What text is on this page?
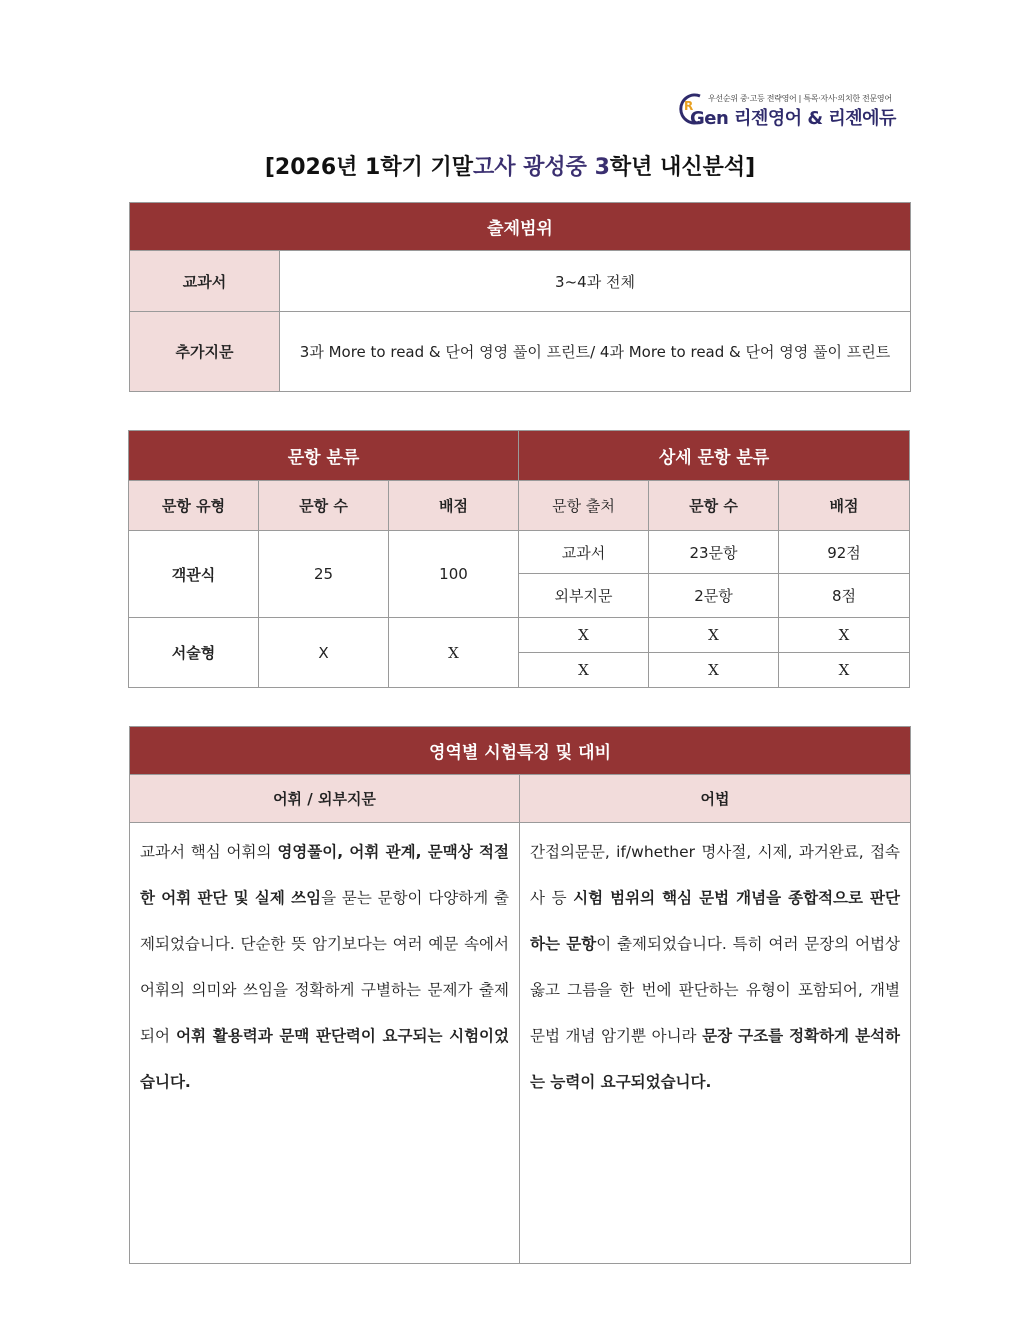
R
우선순위 중·고등 전략영어 | 특목·자사·의치한 전문영어
Gen 리젠영어 & 리젠에듀
[2026년 1학기 기말고사 광성중 3학년 내신분석]
출제범위	
교과서	3~4과 전체
추가지문	3과 More to read & 단어 영영 풀이 프린트/ 4과 More to read & 단어 영영 풀이 프린트
문항 분류			상세 문항 분류		
문항 유형	문항 수	배점	문항 출처	문항 수	배점
객관식	25	100	교과서	23문항	92점
			외부지문	2문항	8점
서술형	X	X	X	X	X
			X	X	X
영역별 시험특징 및 대비	
어휘 / 외부지문	어법
교과서 핵심 어휘의 영영풀이, 어휘 관계, 문맥상 적절한 어휘 판단 및 실제 쓰임을 묻는 문항이 다양하게 출제되었습니다. 단순한 뜻 암기보다는 여러 예문 속에서 어휘의 의미와 쓰임을 정확하게 구별하는 문제가 출제되어 어휘 활용력과 문맥 판단력이 요구되는 시험이었습니다.	간접의문문, if/whether 명사절, 시제, 과거완료, 접속사 등 시험 범위의 핵심 문법 개념을 종합적으로 판단하는 문항이 출제되었습니다. 특히 여러 문장의 어법상 옳고 그름을 한 번에 판단하는 유형이 포함되어, 개별 문법 개념 암기뿐 아니라 문장 구조를 정확하게 분석하는 능력이 요구되었습니다.
